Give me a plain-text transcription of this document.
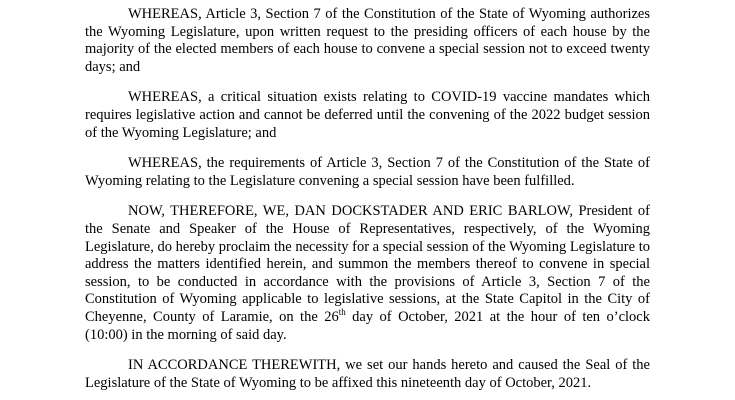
WHEREAS, Article 3, Section 7 of the Constitution of the State of Wyoming authorizes the Wyoming Legislature, upon written request to the presiding officers of each house by the majority of the elected members of each house to convene a special session not to exceed twenty days; and

WHEREAS, a critical situation exists relating to COVID-19 vaccine mandates which requires legislative action and cannot be deferred until the convening of the 2022 budget session of the Wyoming Legislature; and

WHEREAS, the requirements of Article 3, Section 7 of the Constitution of the State of Wyoming relating to the Legislature convening a special session have been fulfilled.

NOW, THEREFORE, WE, DAN DOCKSTADER AND ERIC BARLOW, President of the Senate and Speaker of the House of Representatives, respectively, of the Wyoming Legislature, do hereby proclaim the necessity for a special session of the Wyoming Legislature to address the matters identified herein, and summon the members thereof to convene in special session, to be conducted in accordance with the provisions of Article 3, Section 7 of the Constitution of Wyoming applicable to legislative sessions, at the State Capitol in the City of Cheyenne, County of Laramie, on the 26th day of October, 2021 at the hour of ten o’clock (10:00) in the morning of said day.

IN ACCORDANCE THEREWITH, we set our hands hereto and caused the Seal of the Legislature of the State of Wyoming to be affixed this nineteenth day of October, 2021.
